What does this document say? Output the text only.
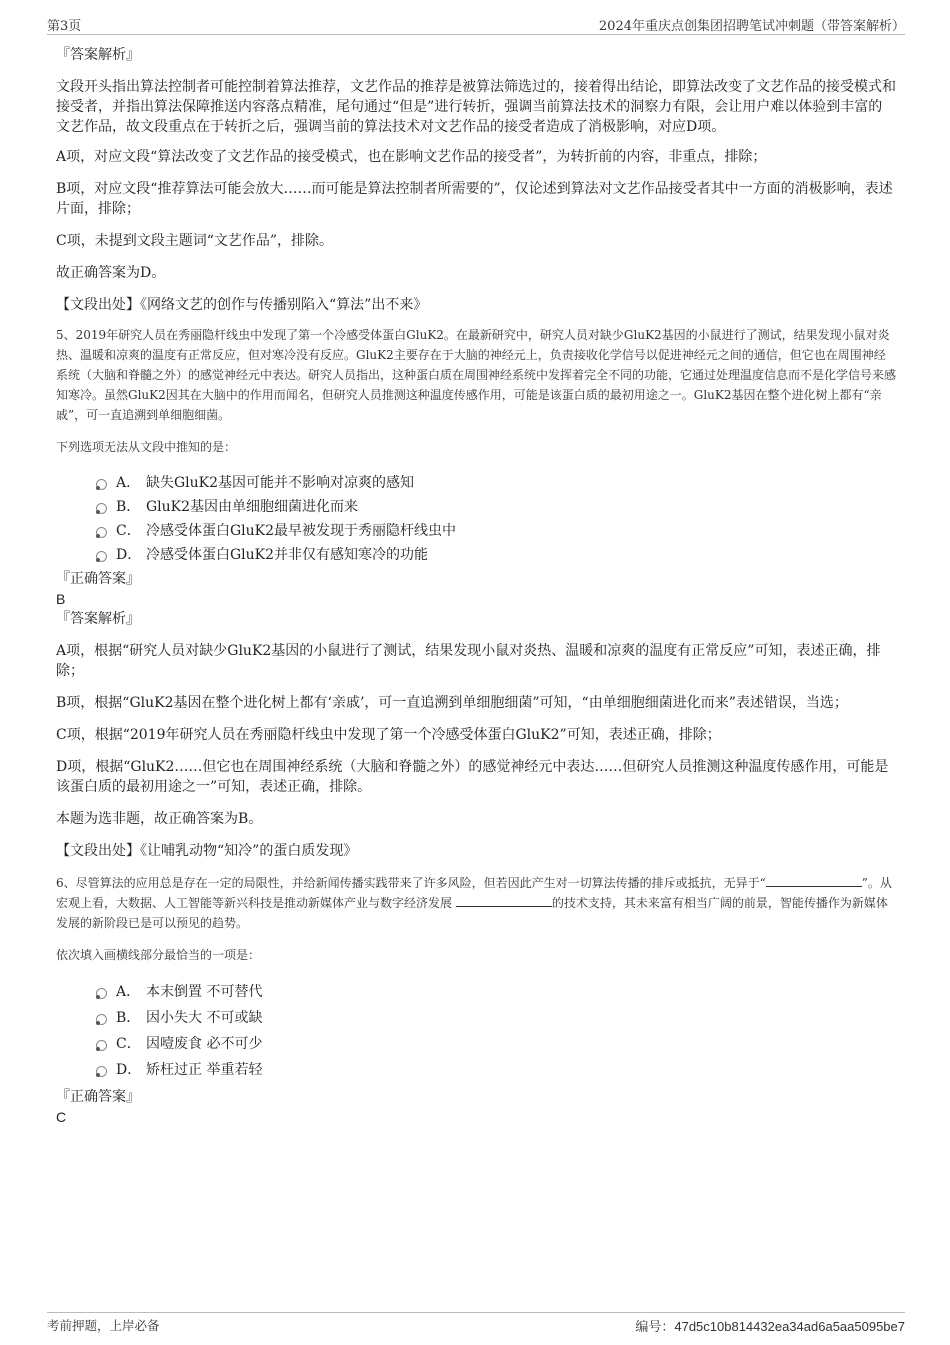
第3页	2024年重庆点创集团招聘笔试冲刺题（带答案解析）

『答案解析』

文段开头指出算法控制者可能控制着算法推荐，文艺作品的推荐是被算法筛选过的，接着得出结论，即算法改变了文艺作品的接受模式和接受者，并指出算法保障推送内容落点精准，尾句通过“但是”进行转折，强调当前算法技术的洞察力有限，会让用户难以体验到丰富的文艺作品，故文段重点在于转折之后，强调当前的算法技术对文艺作品的接受者造成了消极影响，对应D项。

A项，对应文段“算法改变了文艺作品的接受模式，也在影响文艺作品的接受者”，为转折前的内容，非重点，排除；

B项，对应文段“推荐算法可能会放大……而可能是算法控制者所需要的”，仅论述到算法对文艺作品接受者其中一方面的消极影响，表述片面，排除；

C项，未提到文段主题词“文艺作品”，排除。

故正确答案为D。

【文段出处】《网络文艺的创作与传播别陷入“算法”出不来》

5、2019年研究人员在秀丽隐杆线虫中发现了第一个冷感受体蛋白GluK2。在最新研究中，研究人员对缺少GluK2基因的小鼠进行了测试，结果发现小鼠对炎热、温暖和凉爽的温度有正常反应，但对寒冷没有反应。GluK2主要存在于大脑的神经元上，负责接收化学信号以促进神经元之间的通信，但它也在周围神经系统（大脑和脊髓之外）的感觉神经元中表达。研究人员指出，这种蛋白质在周围神经系统中发挥着完全不同的功能，它通过处理温度信息而不是化学信号来感知寒冷。虽然GluK2因其在大脑中的作用而闻名，但研究人员推测这种温度传感作用，可能是该蛋白质的最初用途之一。GluK2基因在整个进化树上都有“亲戚”，可一直追溯到单细胞细菌。

下列选项无法从文段中推知的是：

A． 缺失GluK2基因可能并不影响对凉爽的感知

B． GluK2基因由单细胞细菌进化而来

C． 冷感受体蛋白GluK2最早被发现于秀丽隐杆线虫中

D． 冷感受体蛋白GluK2并非仅有感知寒冷的功能

『正确答案』

B

『答案解析』

A项，根据“研究人员对缺少GluK2基因的小鼠进行了测试，结果发现小鼠对炎热、温暖和凉爽的温度有正常反应”可知，表述正确，排除；

B项，根据“GluK2基因在整个进化树上都有‘亲戚’，可一直追溯到单细胞细菌”可知，“由单细胞细菌进化而来”表述错误，当选；

C项，根据“2019年研究人员在秀丽隐杆线虫中发现了第一个冷感受体蛋白GluK2”可知，表述正确，排除；

D项，根据“GluK2……但它也在周围神经系统（大脑和脊髓之外）的感觉神经元中表达……但研究人员推测这种温度传感作用，可能是该蛋白质的最初用途之一”可知，表述正确，排除。

本题为选非题，故正确答案为B。

【文段出处】《让哺乳动物“知冷”的蛋白质发现》

6、尽管算法的应用总是存在一定的局限性，并给新闻传播实践带来了许多风险，但若因此产生对一切算法传播的排斥或抵抗，无异于“	”。从宏观上看，大数据、人工智能等新兴科技是推动新媒体产业与数字经济发展	的技术支持，其未来富有相当广阔的前景，智能传播作为新媒体发展的新阶段已是可以预见的趋势。

依次填入画横线部分最恰当的一项是：

A． 本末倒置 不可替代

B． 因小失大 不可或缺

C． 因噎废食 必不可少

D． 矫枉过正 举重若轻

『正确答案』

C

考前押题，上岸必备	编号：47d5c10b814432ea34ad6a5aa5095be7
